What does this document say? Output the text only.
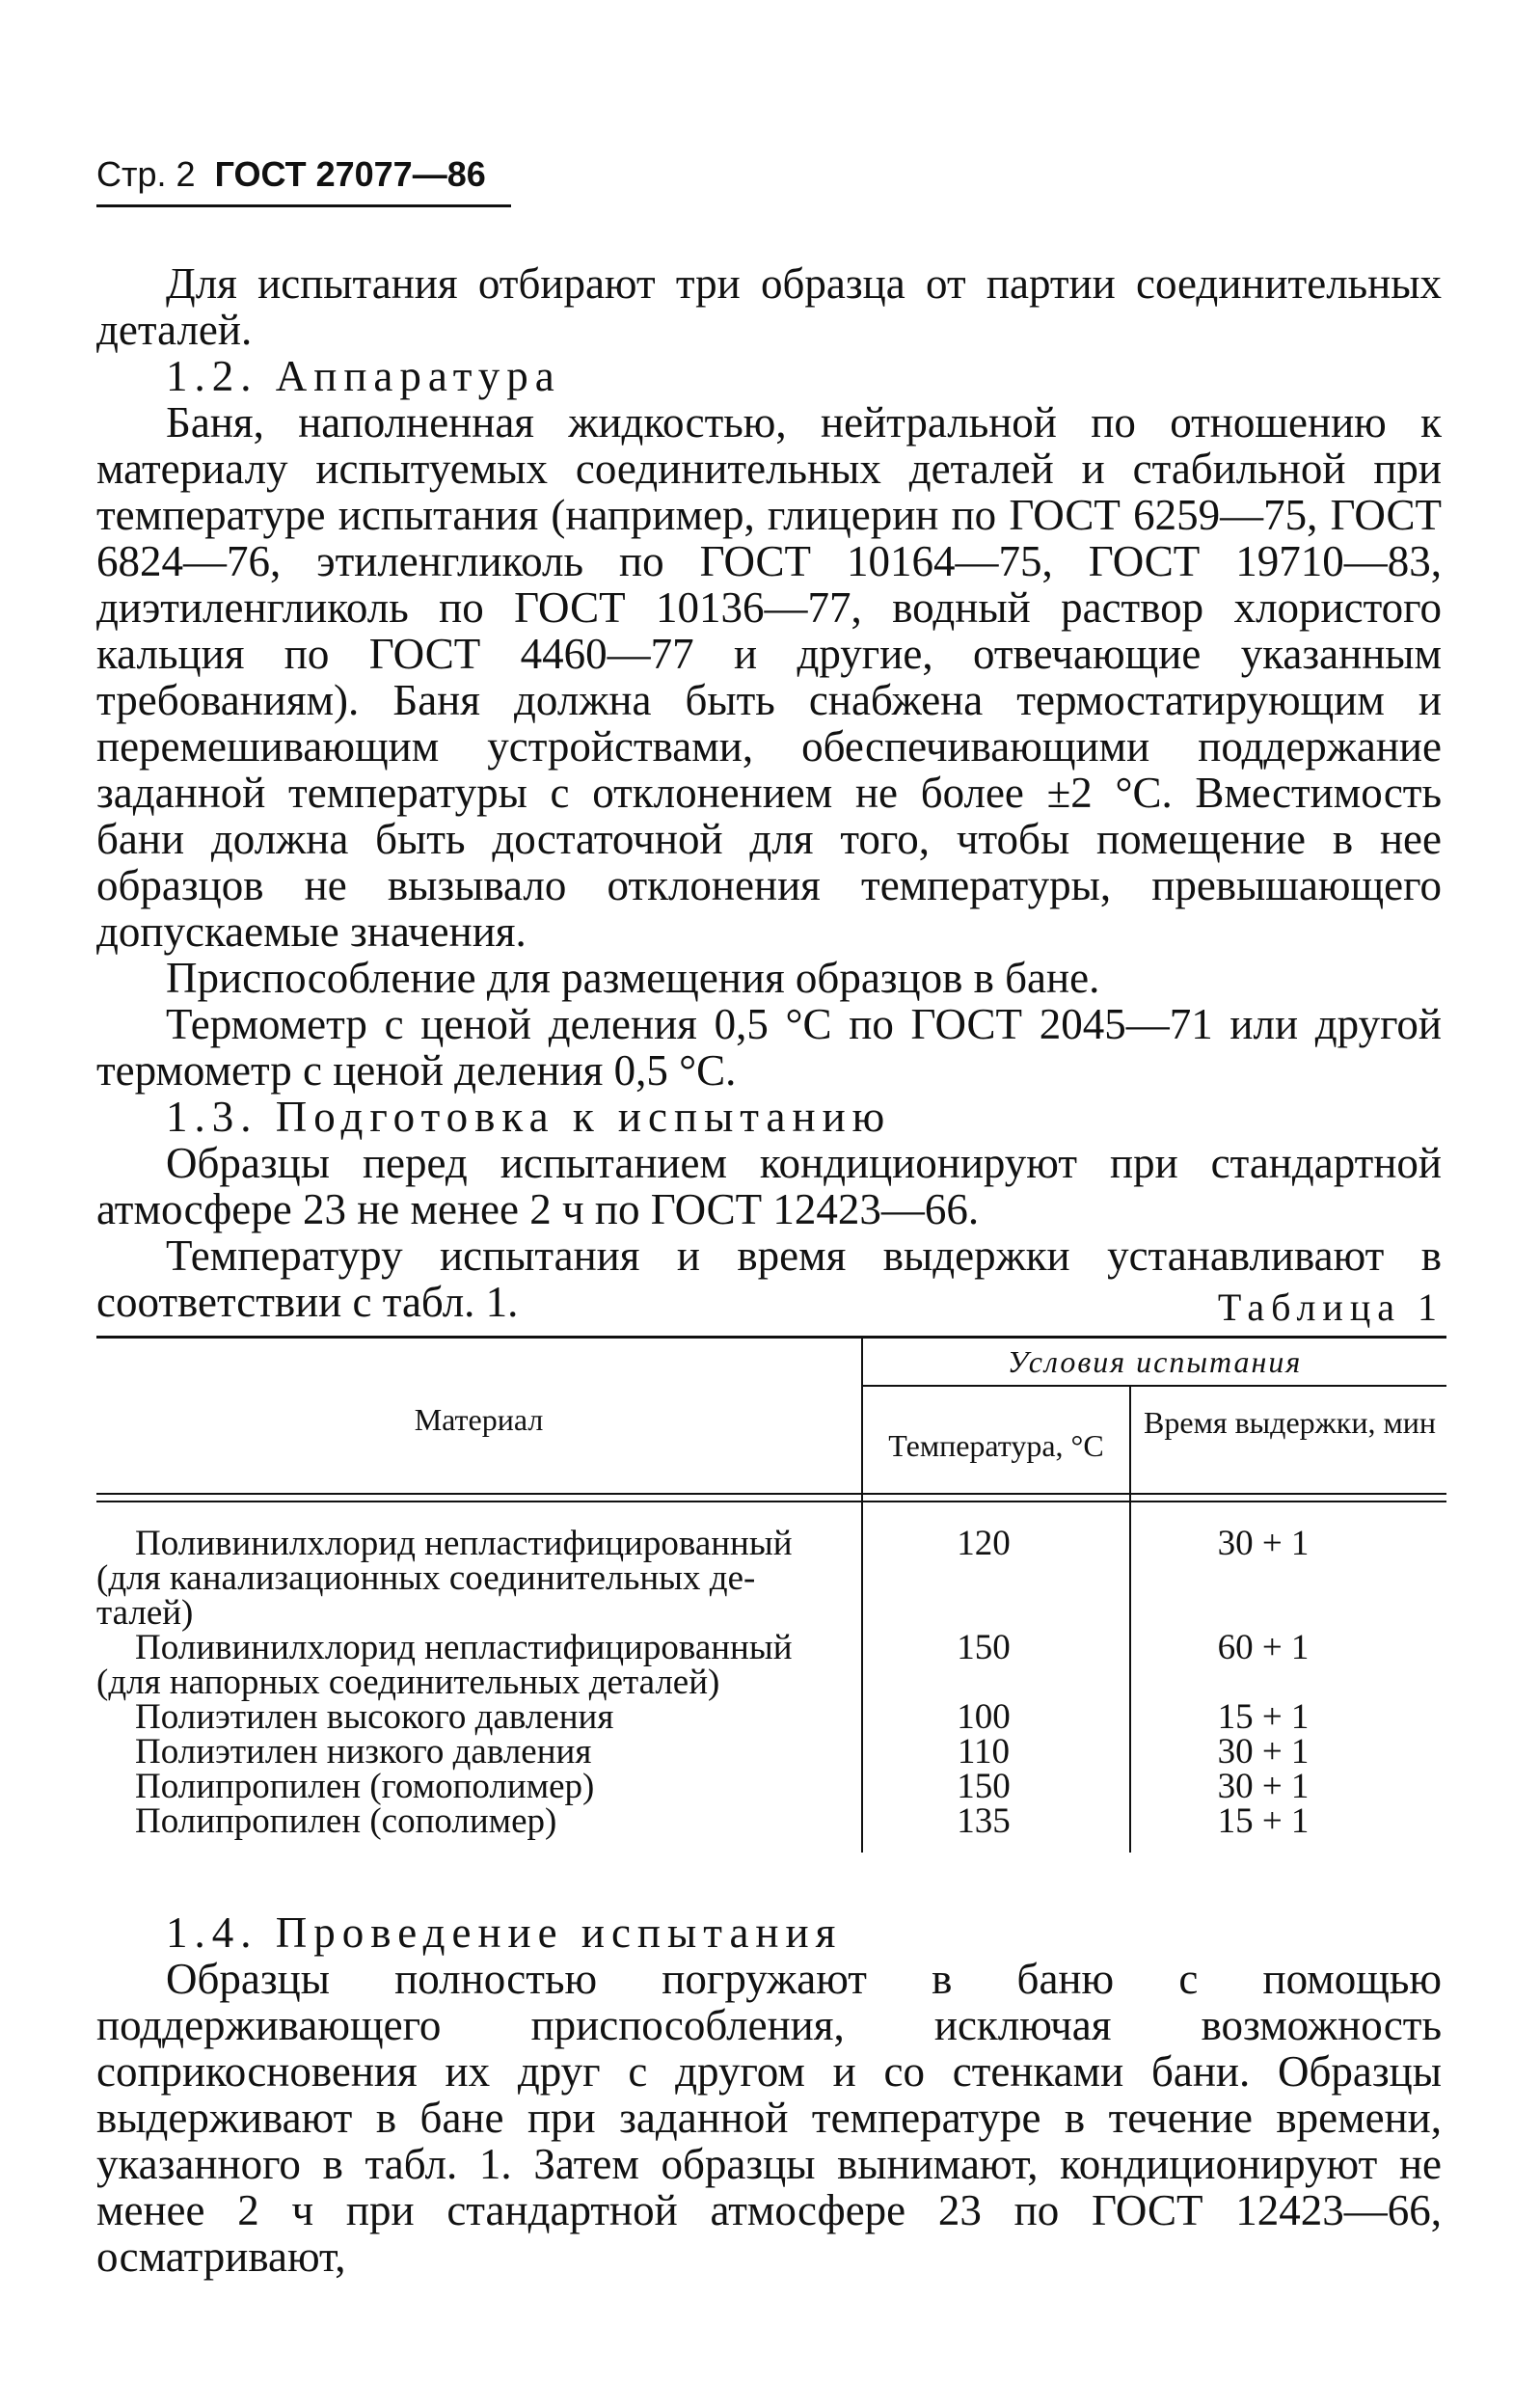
Стр. 2 ГОСТ 27077—86

Для испытания отбирают три образца от партии соединительных деталей.

1.2. Аппаратура

Баня, наполненная жидкостью, нейтральной по отношению к материалу испытуемых соединительных деталей и стабильной при температуре испытания (например, глицерин по ГОСТ 6259—75, ГОСТ 6824—76, этиленгликоль по ГОСТ 10164—75, ГОСТ 19710—83, диэтиленгликоль по ГОСТ 10136—77, водный раствор хлористого кальция по ГОСТ 4460—77 и другие, отвечающие указанным требованиям). Баня должна быть снабжена термостатирующим и перемешивающим устройствами, обеспечивающими поддержание заданной температуры с отклонением не более ±2 °С. Вместимость бани должна быть достаточной для того, чтобы помещение в нее образцов не вызывало отклонения температуры, превышающего допускаемые значения.

Приспособление для размещения образцов в бане.

Термометр с ценой деления 0,5 °С по ГОСТ 2045—71 или другой термометр с ценой деления 0,5 °С.

1.3. Подготовка к испытанию

Образцы перед испытанием кондиционируют при стандартной атмосфере 23 не менее 2 ч по ГОСТ 12423—66.

Температуру испытания и время выдержки устанавливают в соответствии с табл. 1.	Таблица 1
Материал
Условия испытания
Температура, °С
Время выдержки, мин
Поливинилхлорид непластифицированный
(для канализационных соединительных де-
талей)
120	30 + 1
Поливинилхлорид непластифицированный
(для напорных соединительных деталей)
150	60 + 1
Полиэтилен высокого давления	100	15 + 1
Полиэтилен низкого давления	110	30 + 1
Полипропилен (гомополимер)	150	30 + 1
Полипропилен (сополимер)	135	15 + 1

1.4. Проведение испытания

Образцы полностью погружают в баню с помощью поддерживающего приспособления, исключая возможность соприкосновения их друг с другом и со стенками бани. Образцы выдерживают в бане при заданной температуре в течение времени, указанного в табл. 1. Затем образцы вынимают, кондиционируют не менее 2 ч при стандартной атмосфере 23 по ГОСТ 12423—66, осматривают,
